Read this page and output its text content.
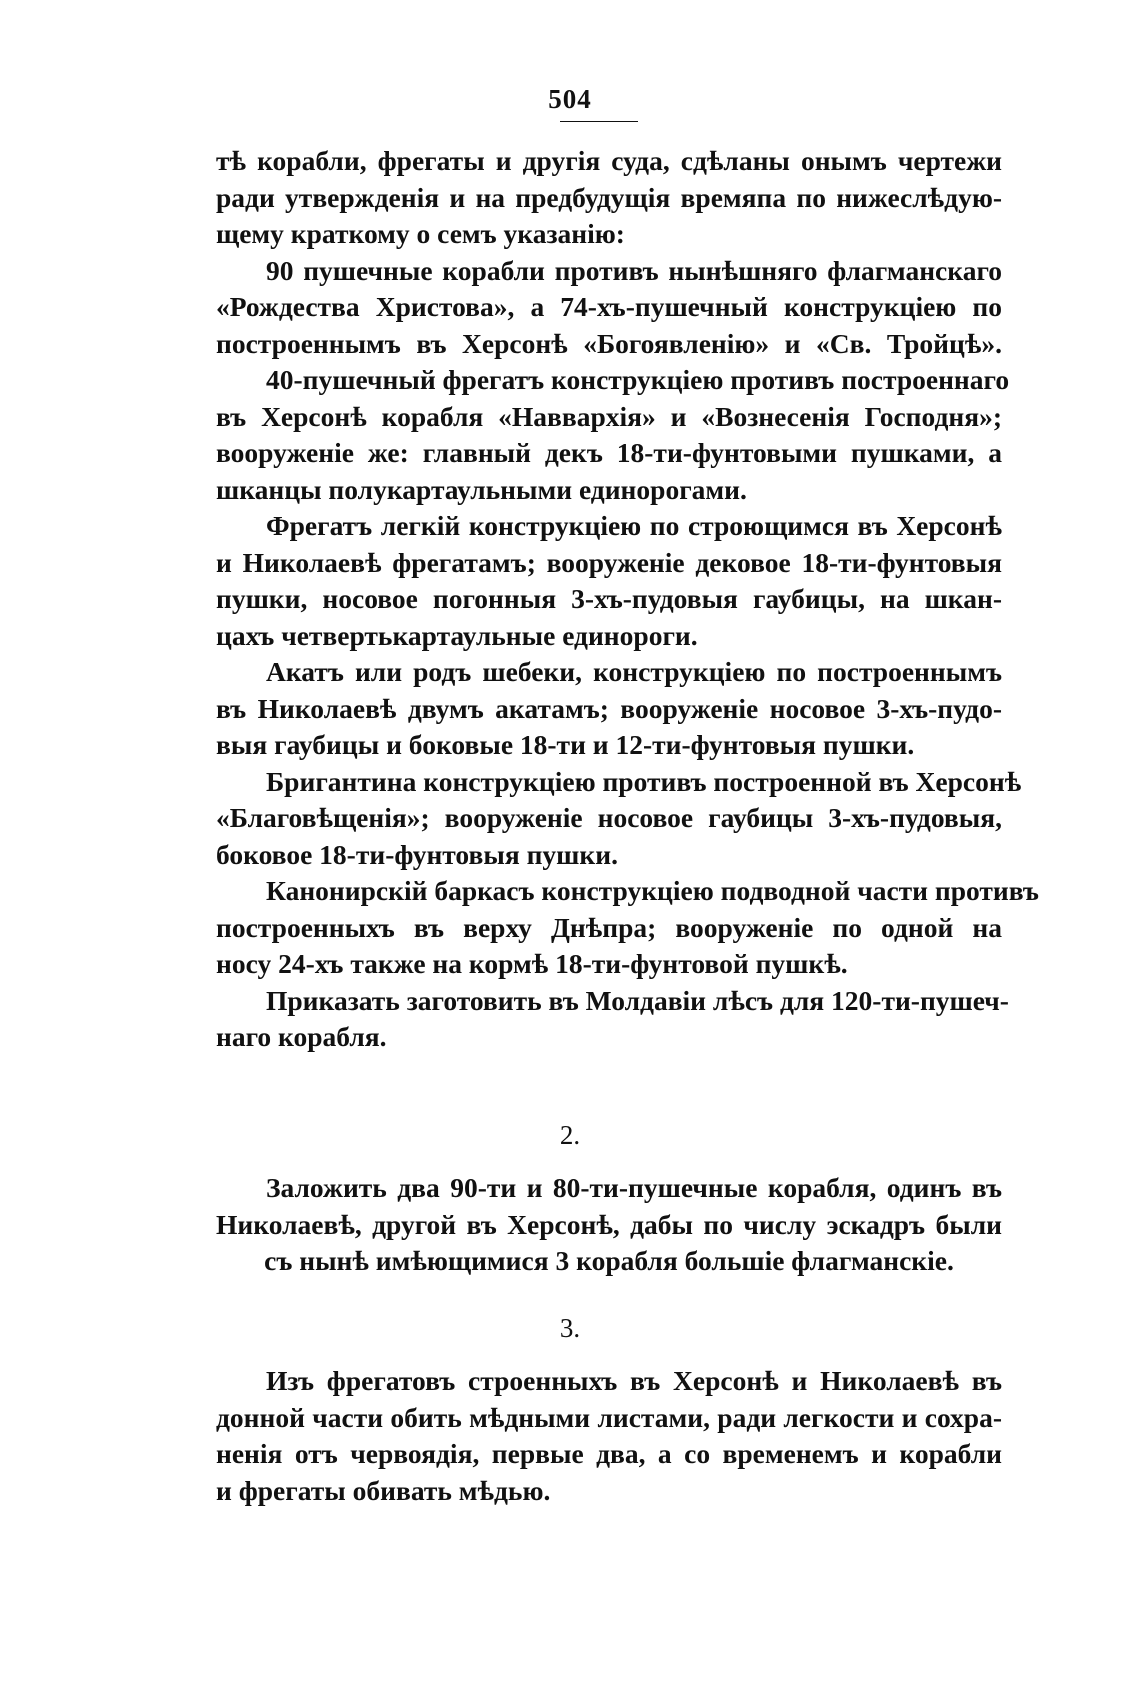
504
тѣ корабли, фрегаты и другія суда, сдѣланы онымъ чертежи
ради утвержденія и на предбудущія времяпа по нижеслѣдую-
щему краткому о семъ указанію:
90 пушечные корабли противъ нынѣшняго флагманскаго
«Рождества Христова», а 74-хъ-пушечный конструкціею по
построеннымъ въ Херсонѣ «Богоявленію» и «Св. Тройцѣ».
40-пушечный фрегатъ конструкціею противъ построеннаго
въ Херсонѣ корабля «Наввархія» и «Вознесенія Господня»;
вооруженіе же: главный декъ 18-ти-фунтовыми пушками, а
шканцы полукартаульными единорогами.
Фрегатъ легкій конструкціею по строющимся въ Херсонѣ
и Николаевѣ фрегатамъ; вооруженіе дековое 18-ти-фунтовыя
пушки, носовое погонныя 3-хъ-пудовыя гаубицы, на шкан-
цахъ четвертькартаульные единороги.
Акатъ или родъ шебеки, конструкціею по построеннымъ
въ Николаевѣ двумъ акатамъ; вооруженіе носовое 3-хъ-пудо-
выя гаубицы и боковые 18-ти и 12-ти-фунтовыя пушки.
Бригантина конструкціею противъ построенной въ Херсонѣ
«Благовѣщенія»; вооруженіе носовое гаубицы 3-хъ-пудовыя,
боковое 18-ти-фунтовыя пушки.
Канонирскій баркасъ конструкціею подводной части противъ
построенныхъ въ верху Днѣпра; вооруженіе по одной на
носу 24-хъ также на кормѣ 18-ти-фунтовой пушкѣ.
Приказать заготовить въ Молдавіи лѣсъ для 120-ти-пушеч-
наго корабля.
2.
Заложить два 90-ти и 80-ти-пушечные корабля, одинъ въ
Николаевѣ, другой въ Херсонѣ, дабы по числу эскадръ были
съ нынѣ имѣющимися 3 корабля большіе флагманскіе.
3.
Изъ фрегатовъ строенныхъ въ Херсонѣ и Николаевѣ въ
донной части обить мѣдными листами, ради легкости и сохра-
ненія отъ червоядія, первые два, а со временемъ и корабли
и фрегаты обивать мѣдью.
